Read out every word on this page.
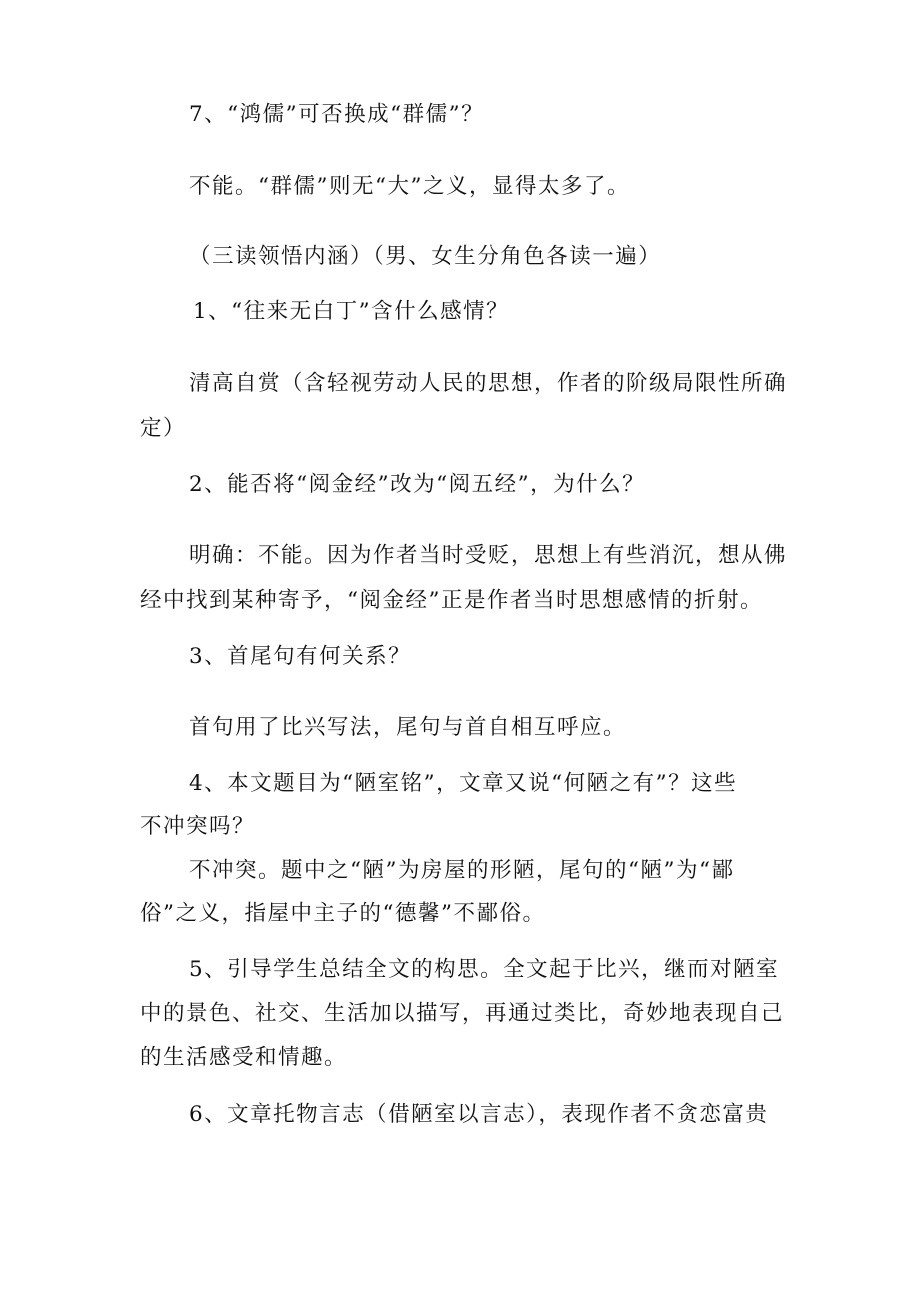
7、“鸿儒”可否换成“群儒”？
不能。“群儒”则无“大”之义，显得太多了。
（三读领悟内涵）（男、女生分角色各读一遍）
1、“往来无白丁”含什么感情？
清高自赏（含轻视劳动人民的思想，作者的阶级局限性所确
定）
2、能否将“阅金经”改为“阅五经”，为什么？
明确：不能。因为作者当时受贬，思想上有些消沉，想从佛
经中找到某种寄予，“阅金经”正是作者当时思想感情的折射。
3、首尾句有何关系？
首句用了比兴写法，尾句与首自相互呼应。
4、本文题目为“陋室铭”，文章又说“何陋之有”？这些
不冲突吗？
不冲突。题中之“陋”为房屋的形陋，尾句的“陋”为“鄙
俗”之义，指屋中主子的“德馨”不鄙俗。
5、引导学生总结全文的构思。全文起于比兴，继而对陋室
中的景色、社交、生活加以描写，再通过类比，奇妙地表现自己
的生活感受和情趣。
6、文章托物言志（借陋室以言志），表现作者不贪恋富贵
